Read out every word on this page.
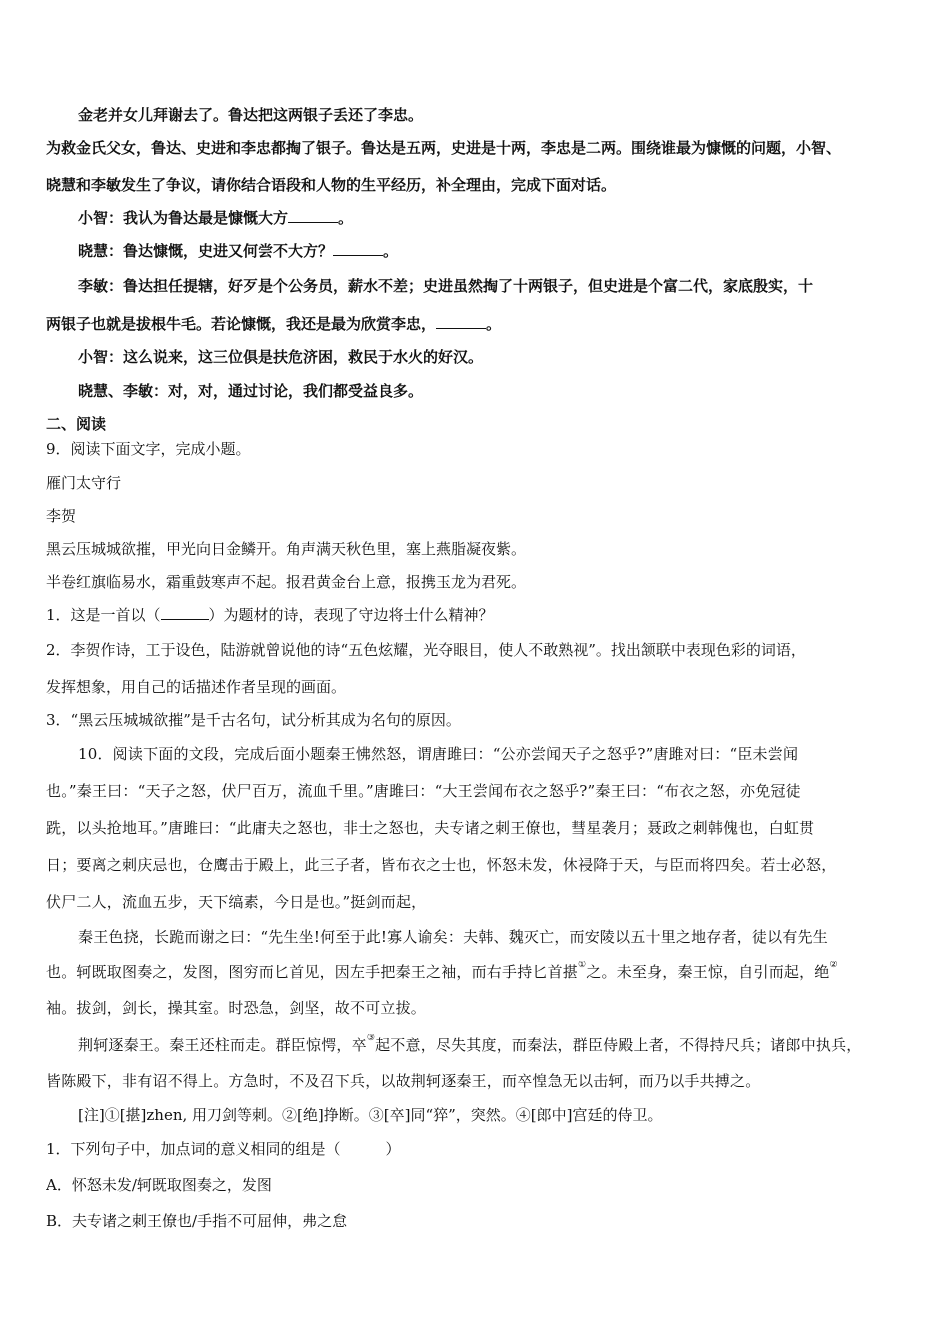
金老并女儿拜谢去了。鲁达把这两银子丢还了李忠。

为救金氏父女，鲁达、史进和李忠都掏了银子。鲁达是五两，史进是十两，李忠是二两。围绕谁最为慷慨的问题，小智、

晓慧和李敏发生了争议，请你结合语段和人物的生平经历，补全理由，完成下面对话。

小智：我认为鲁达最是慷慨大方	。

晓慧：鲁达慷慨，史进又何尝不大方？	。

李敏：鲁达担任提辖，好歹是个公务员，薪水不差；史进虽然掏了十两银子，但史进是个富二代，家底殷实，十

两银子也就是拔根牛毛。若论慷慨，我还是最为欣赏李忠，	。

小智：这么说来，这三位俱是扶危济困，救民于水火的好汉。

晓慧、李敏：对，对，通过讨论，我们都受益良多。

二、阅读

9．阅读下面文字，完成小题。

雁门太守行

李贺

黑云压城城欲摧，甲光向日金鳞开。角声满天秋色里，塞上燕脂凝夜紫。

半卷红旗临易水，霜重鼓寒声不起。报君黄金台上意，报携玉龙为君死。

1．这是一首以（	）为题材的诗，表现了守边将士什么精神？

2．李贺作诗，工于设色，陆游就曾说他的诗“五色炫耀，光夺眼目，使人不敢熟视”。找出颔联中表现色彩的词语，

发挥想象，用自己的话描述作者呈现的画面。

3．“黑云压城城欲摧”是千古名句，试分析其成为名句的原因。

10．阅读下面的文段，完成后面小题秦王怫然怒，谓唐雎曰：“公亦尝闻天子之怒乎?”唐雎对曰：“臣未尝闻

也。”秦王曰：“天子之怒，伏尸百万，流血千里。”唐雎曰：“大王尝闻布衣之怒乎?”秦王曰：“布衣之怒，亦免冠徒

跣，以头抢地耳。”唐雎曰：“此庸夫之怒也，非士之怒也，夫专诸之刺王僚也，彗星袭月；聂政之刺韩傀也，白虹贯

日；要离之刺庆忌也，仓鹰击于殿上，此三子者，皆布衣之士也，怀怒未发，休祲降于天，与臣而将四矣。若士必怒，

伏尸二人，流血五步，天下缟素，今日是也。”挺剑而起，

秦王色挠，长跪而谢之曰：“先生坐!何至于此!寡人谕矣：夫韩、魏灭亡，而安陵以五十里之地存者，徒以有先生

也。轲既取图奏之，发图，图穷而匕首见，因左手把秦王之袖，而右手持匕首揕①之。未至身，秦王惊，自引而起，绝②

袖。拔剑，剑长，操其室。时恐急，剑坚，故不可立拔。

荆轲逐秦王。秦王还柱而走。群臣惊愕，卒③起不意，尽失其度，而秦法，群臣侍殿上者，不得持尺兵；诸郎中执兵，

皆陈殿下，非有诏不得上。方急时，不及召下兵，以故荆轲逐秦王，而卒惶急无以击轲，而乃以手共搏之。

[注]①[揕]zhen, 用刀剑等刺。②[绝]挣断。③[卒]同“猝”，突然。④[郎中]宫廷的侍卫。

1．下列句子中，加点词的意义相同的组是（　　　）

A．怀怒未发/轲既取图奏之，发图

B．夫专诸之刺王僚也/手指不可屈伸，弗之怠
